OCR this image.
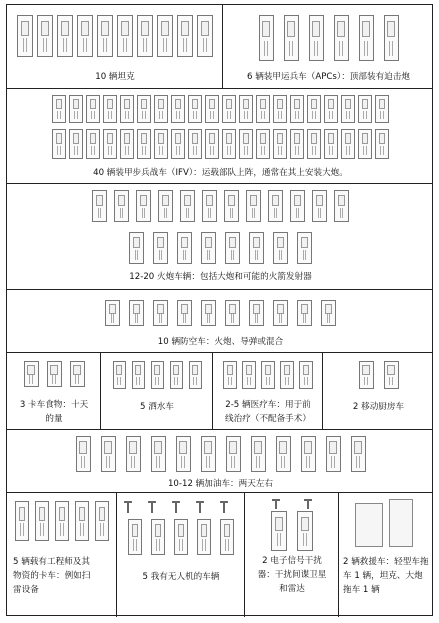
10 辆坦克	6 辆装甲运兵车（APCs）：顶部装有迫击炮
40 辆装甲步兵战车（IFV）：运载部队上阵，通常在其上安装大炮。
12-20 火炮车辆：包括大炮和可能的火箭发射器
10 辆防空车：火炮、导弹或混合
3 卡车食物：十天
的量
5 洒水车	2-5 辆医疗车：用于前
线治疗（不配备手术）
2 移动厨房车
10-12 辆加油车：两天左右
5 辆载有工程师及其
物资的卡车：例如扫
雷设备
5 我有无人机的车辆
2 电子信号干扰
器：干扰间谍卫星
和雷达
2 辆救援车：轻型车拖
车 1 辆，坦克、大炮
拖车 1 辆
